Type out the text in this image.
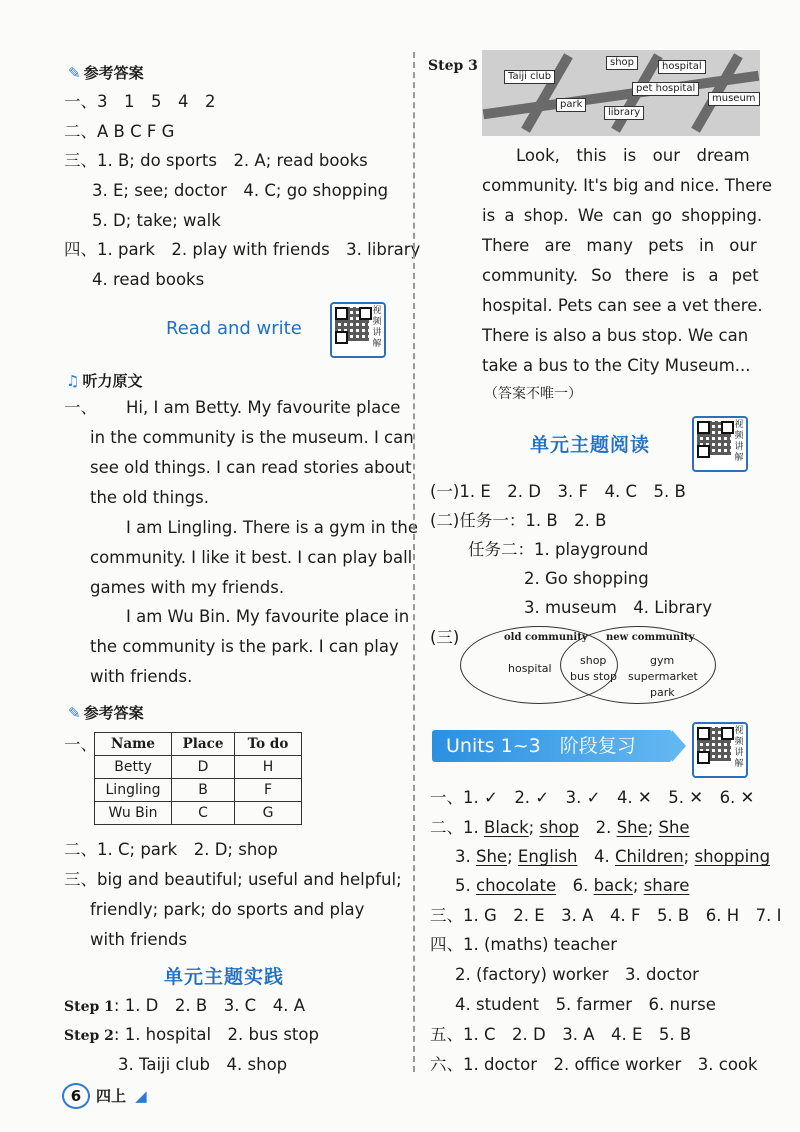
✎ 参考答案
一、3　1　5　4　2
二、A B C F G
三、1. B; do sports　2. A; read books
3. E; see; doctor　4. C; go shopping
5. D; take; walk
四、1. park　2. play with friends　3. library
4. read books
Read and write
视频讲解
♫ 听力原文
一、 Hi, I am Betty. My favourite place
in the community is the museum. I can
see old things. I can read stories about
the old things.
I am Lingling. There is a gym in the
community. I like it best. I can play ball
games with my friends.
I am Wu Bin. My favourite place in
the community is the park. I can play
with friends.
✎ 参考答案
一、 Name	Place	To do
Betty	D	H
Lingling	B	F
Wu Bin	C	G
二、1. C; park　2. D; shop
三、big and beautiful; useful and helpful;
friendly; park; do sports and play
with friends
单元主题实践
Step 1: 1. D　2. B　3. C　4. A
Step 2: 1. hospital　2. bus stop
3. Taiji club　4. shop
6 四上 ◢
Step 3
Taiji club
shop	hospital
pet hospital
museum
park
library
Look,　this　is　our　dream
community. It's big and nice. There
is a shop. We can go shopping.
There are many pets in our
community. So there is a pet
hospital. Pets can see a vet there.
There is also a bus stop. We can
take a bus to the City Museum...
（答案不唯一）
单元主题阅读
视频讲解
(一)1. E　2. D　3. F　4. C　5. B
(二)任务一：1. B　2. B
任务二：1. playground
2. Go shopping
3. museum　4. Library
(三)	old community new community
hospital
shop
bus stop
gym
supermarket
park
Units 1~3　阶段复习
视频讲解
一、1. ✓　2. ✓　3. ✓　4. ✕　5. ✕　6. ✕
二、1. Black; shop　2. She; She
3. She; English　4. Children; shopping
5. chocolate　6. back; share
三、1. G　2. E　3. A　4. F　5. B　6. H　7. I
四、1. (maths) teacher
2. (factory) worker　3. doctor
4. student　5. farmer　6. nurse
五、1. C　2. D　3. A　4. E　5. B
六、1. doctor　2. office worker　3. cook
